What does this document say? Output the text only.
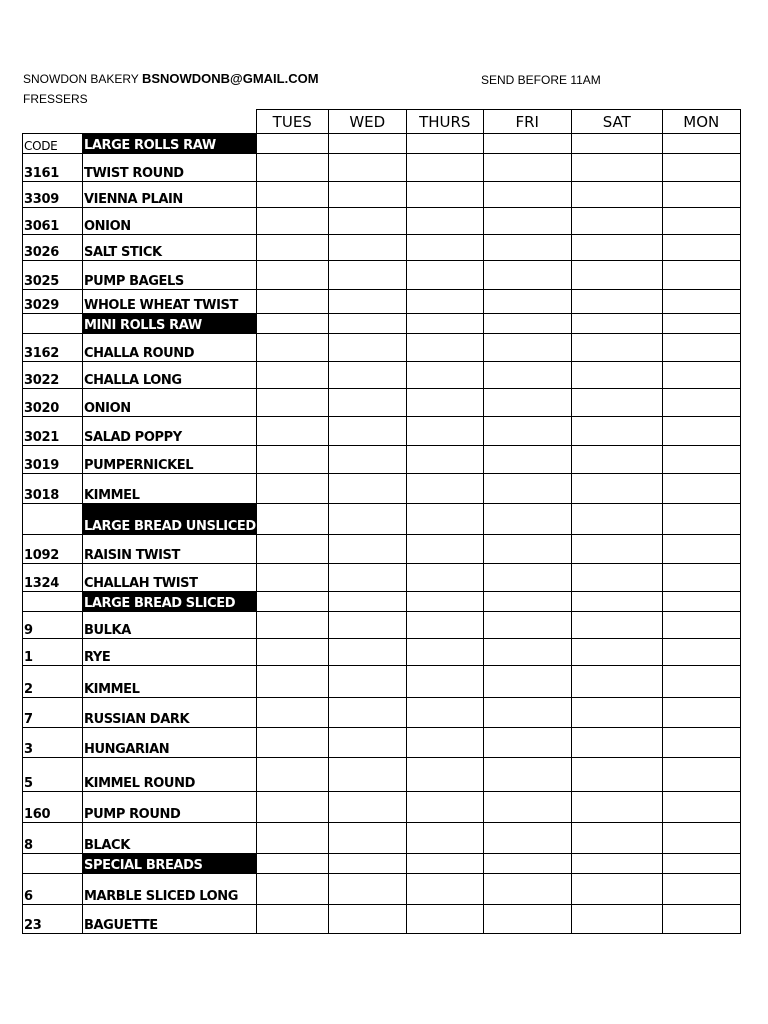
SNOWDON BAKERY BSNOWDONB@GMAIL.COM	SEND BEFORE 11AM
FRESSERS
		TUES	WED	THURS	FRI	SAT	MON
CODE	LARGE ROLLS RAW						
3161	TWIST ROUND						
3309	VIENNA PLAIN						
3061	ONION						
3026	SALT STICK						
3025	PUMP BAGELS						
3029	WHOLE WHEAT TWIST						
	MINI ROLLS RAW						
3162	CHALLA ROUND						
3022	CHALLA LONG						
3020	ONION						
3021	SALAD POPPY						
3019	PUMPERNICKEL						
3018	KIMMEL						
	LARGE BREAD UNSLICED						
1092	RAISIN TWIST						
1324	CHALLAH TWIST						
	LARGE BREAD SLICED						
9	BULKA						
1	RYE						
2	KIMMEL						
7	RUSSIAN DARK						
3	HUNGARIAN						
5	KIMMEL ROUND						
160	PUMP ROUND						
8	BLACK						
	SPECIAL BREADS						
6	MARBLE SLICED LONG						
23	BAGUETTE						
